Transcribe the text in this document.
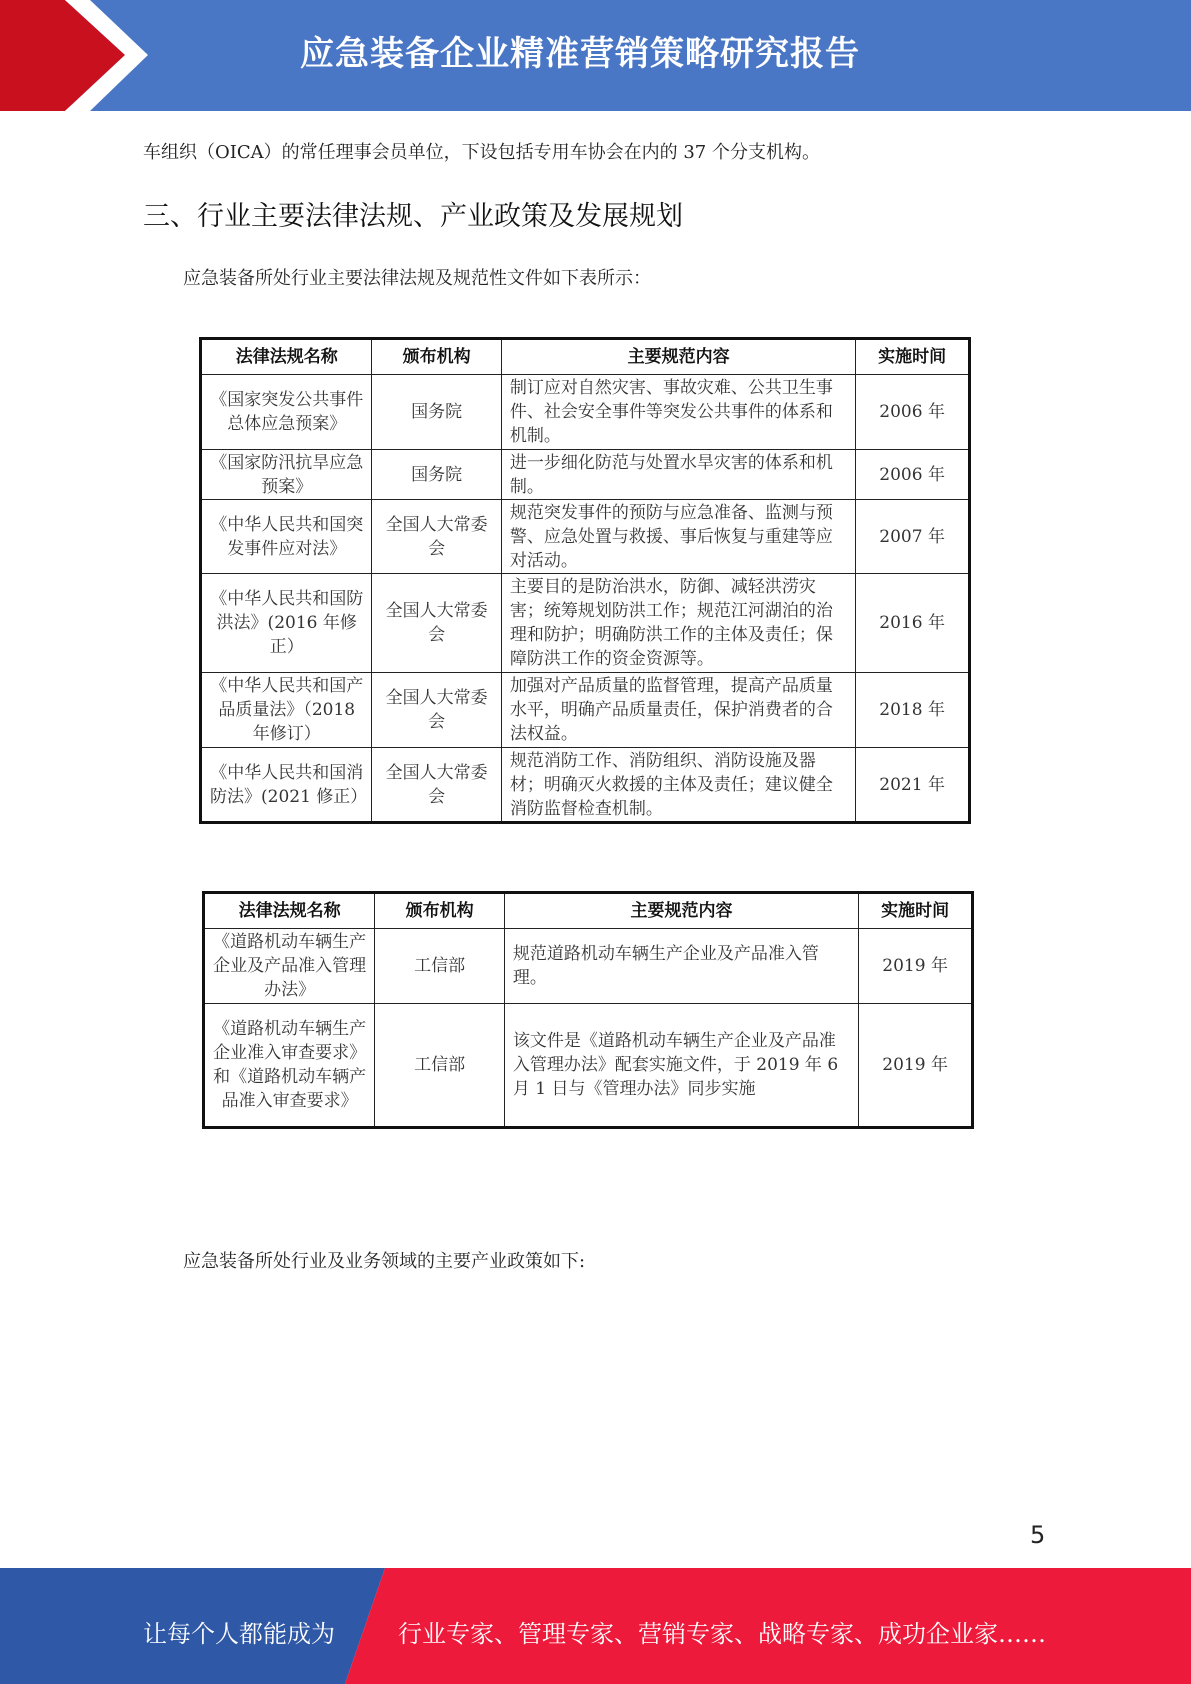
应急装备企业精准营销策略研究报告
车组织（OICA）的常任理事会员单位，下设包括专用车协会在内的 37 个分支机构。
三、行业主要法律法规、产业政策及发展规划
应急装备所处行业主要法律法规及规范性文件如下表所示：
法律法规名称	颁布机构	主要规范内容	实施时间
《国家突发公共事件总体应急预案》	国务院	制订应对自然灾害、事故灾难、公共卫生事件、社会安全事件等突发公共事件的体系和机制。	2006 年
《国家防汛抗旱应急预案》	国务院	进一步细化防范与处置水旱灾害的体系和机制。	2006 年
《中华人民共和国突发事件应对法》	全国人大常委会	规范突发事件的预防与应急准备、监测与预警、应急处置与救援、事后恢复与重建等应对活动。	2007 年
《中华人民共和国防洪法》(2016 年修正）	全国人大常委会	主要目的是防治洪水，防御、减轻洪涝灾害；统筹规划防洪工作；规范江河湖泊的治理和防护；明确防洪工作的主体及责任；保障防洪工作的资金资源等。	2016 年
《中华人民共和国产品质量法》（2018 年修订）	全国人大常委会	加强对产品质量的监督管理，提高产品质量水平，明确产品质量责任，保护消费者的合法权益。	2018 年
《中华人民共和国消防法》(2021 修正）	全国人大常委会	规范消防工作、消防组织、消防设施及器材；明确灭火救援的主体及责任；建议健全消防监督检查机制。	2021 年
法律法规名称	颁布机构	主要规范内容	实施时间
《道路机动车辆生产企业及产品准入管理办法》	工信部	规范道路机动车辆生产企业及产品准入管理。	2019 年
《道路机动车辆生产企业准入审查要求》和《道路机动车辆产品准入审查要求》	工信部	该文件是《道路机动车辆生产企业及产品准入管理办法》配套实施文件，于 2019 年 6 月 1 日与《管理办法》同步实施	2019 年
应急装备所处行业及业务领域的主要产业政策如下:
5
让每个人都能成为	行业专家、管理专家、营销专家、战略专家、成功企业家……
